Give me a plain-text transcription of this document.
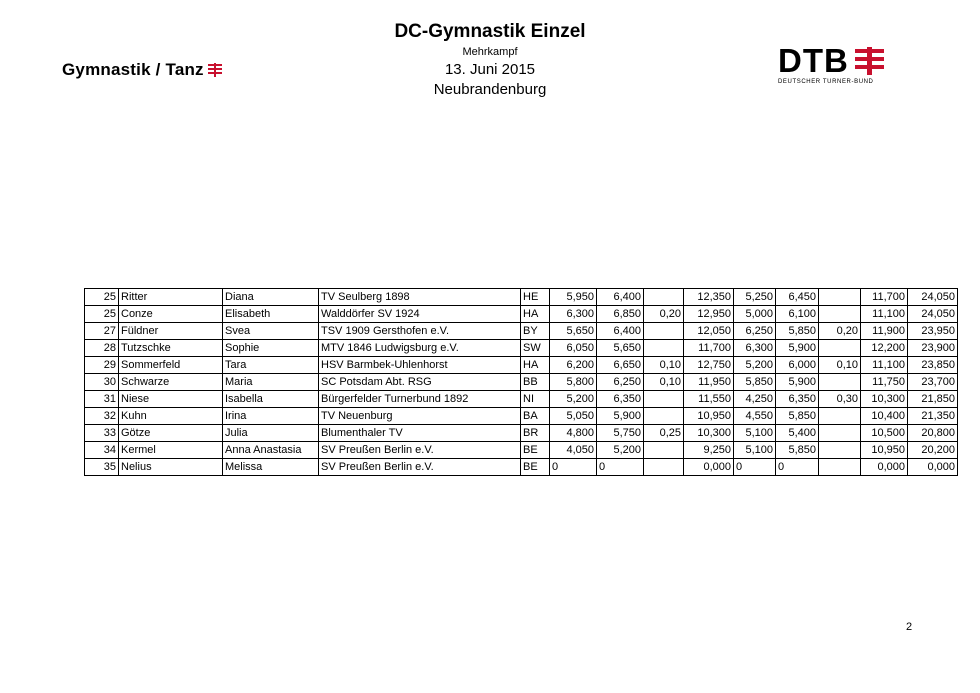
Gymnastik / Tanz
DC-Gymnastik Einzel
Mehrkampf
13. Juni 2015
Neubrandenburg
DTB
DEUTSCHER TURNER-BUND
25	Ritter	Diana	TV Seulberg 1898	HE	5,950	6,400		12,350	5,250	6,450		11,700	24,050
25	Conze	Elisabeth	Walddörfer SV 1924	HA	6,300	6,850	0,20	12,950	5,000	6,100		11,100	24,050
27	Füldner	Svea	TSV 1909 Gersthofen e.V.	BY	5,650	6,400		12,050	6,250	5,850	0,20	11,900	23,950
28	Tutzschke	Sophie	MTV 1846 Ludwigsburg e.V.	SW	6,050	5,650		11,700	6,300	5,900		12,200	23,900
29	Sommerfeld	Tara	HSV Barmbek-Uhlenhorst	HA	6,200	6,650	0,10	12,750	5,200	6,000	0,10	11,100	23,850
30	Schwarze	Maria	SC Potsdam Abt. RSG	BB	5,800	6,250	0,10	11,950	5,850	5,900		11,750	23,700
31	Niese	Isabella	Bürgerfelder Turnerbund 1892	NI	5,200	6,350		11,550	4,250	6,350	0,30	10,300	21,850
32	Kuhn	Irina	TV Neuenburg	BA	5,050	5,900		10,950	4,550	5,850		10,400	21,350
33	Götze	Julia	Blumenthaler TV	BR	4,800	5,750	0,25	10,300	5,100	5,400		10,500	20,800
34	Kermel	Anna Anastasia	SV Preußen Berlin e.V.	BE	4,050	5,200		9,250	5,100	5,850		10,950	20,200
35	Nelius	Melissa	SV Preußen Berlin e.V.	BE	0	0		0,000	0	0		0,000	0,000
2
